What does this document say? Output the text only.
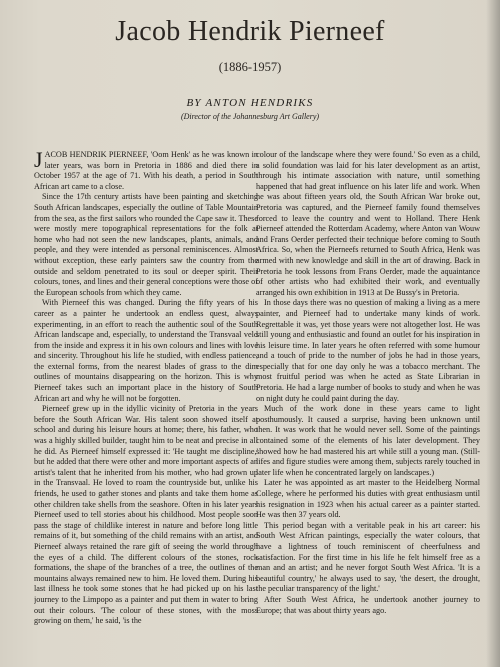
Jacob Hendrik Pierneef
(1886-1957)
BY ANTON HENDRIKS
(Director of the Johannesburg Art Gallery)

JACOB HENDRIK PIERNEEF, 'Oom Henk' as he was known in later years, was born in Pretoria in 1886 and died there in October 1957 at the age of 71. With his death, a period in South African art came to a close.

Since the 17th century artists have been painting and sketching South African landscapes, especially the outline of Table Mountain from the sea, as the first sailors who rounded the Cape saw it. These were mostly mere topographical representations for the folk at home who had not seen the new landscapes, plants, animals, and people, and they were intended as personal reminiscences. Almost without exception, these early painters saw the country from the outside and seldom penetrated to its soul or deeper spirit. Their colours, tones, and lines and their general conceptions were those of the European schools from which they came.

With Pierneef this was changed. During the fifty years of his career as a painter he undertook an endless quest, always experimenting, in an effort to reach the authentic soul of the South African landscape and, especially, to understand the Transvaal veld from the inside and express it in his own colours and lines with love and sincerity. Throughout his life he studied, with endless patience, the external forms, from the nearest blades of grass to the dim outlines of mountains disappearing on the horizon. This is why Pierneef takes such an important place in the history of South African art and why he will not be forgotten.

Pierneef grew up in the idyllic vicinity of Pretoria in the years before the South African War. His talent soon showed itself at school and during his leisure hours at home; there, his father, who was a highly skilled builder, taught him to be neat and precise in all he did. As Pierneef himself expressed it: 'He taught me discipline,' but he added that there were other and more important aspects of an artist's talent that he inherited from his mother, who had grown up in the Transvaal. He loved to roam the countryside but, unlike his friends, he used to gather stones and plants and take them home as other children take shells from the seashore. Often in his later years Pierneef used to tell stories about his childhood. Most people soon pass the stage of childlike interest in nature and before long little remains of it, but something of the child remains with an artist, and Pierneef always retained the rare gift of seeing the world through the eyes of a child. The different colours of the stones, rock formations, the shape of the branches of a tree, the outlines of the mountains always remained new to him. He loved them. During his last illness he took some stones that he had picked up on his last journey to the Limpopo as a painter and put them in water to bring out their colours. 'The colour of these stones, with the moss growing on them,' he said, 'is the

colour of the landscape where they were found.' So even as a child, a solid foundation was laid for his later development as an artist, through his intimate association with nature, until something happened that had great influence on his later life and work. When he was about fifteen years old, the South African War broke out, Pretoria was captured, and the Pierneef family found themselves forced to leave the country and went to Holland. There Henk Pierneef attended the Rotterdam Academy, where Anton van Wouw and Frans Oerder perfected their technique before coming to South Africa. So, when the Pierneefs returned to South Africa, Henk was armed with new knowledge and skill in the art of drawing. Back in Pretoria he took lessons from Frans Oerder, made the aquaintance of other artists who had exhibited their work, and eventually arranged his own exhibition in 1913 at De Bussy's in Pretoria.

In those days there was no question of making a living as a mere painter, and Pierneef had to undertake many kinds of work. Regrettable it was, yet those years were not altogether lost. He was still young and enthusiastic and found an outlet for his inspiration in his leisure time. In later years he often referred with some humour and a touch of pride to the number of jobs he had in those years, especially that for one day only he was a tobacco merchant. The most fruitful period was when he acted as State Librarian in Pretoria. He had a large number of books to study and when he was on night duty he could paint during the day.

Much of the work done in these years came to light posthumously. It caused a surprise, having been unknown until then. It was work that he would never sell. Some of the paintings contained some of the elements of his later development. They showed how he had mastered his art while still a young man. (Still-lifes and figure studies were among them, subjects rarely touched in later life when he concentrated largely on landscapes.)

Later he was appointed as art master to the Heidelberg Normal College, where he performed his duties with great enthusiasm until his resignation in 1923 when his actual career as a painter started. He was then 37 years old.

This period began with a veritable peak in his art career: his South West African paintings, especially the water colours, that have a lightness of touch reminiscent of cheerfulness and satisfaction. For the first time in his life he felt himself free as a man and an artist; and he never forgot South West Africa. 'It is a beautiful country,' he always used to say, 'the desert, the drought, the peculiar transparency of the light.'

After South West Africa, he undertook another journey to Europe; that was about thirty years ago.
